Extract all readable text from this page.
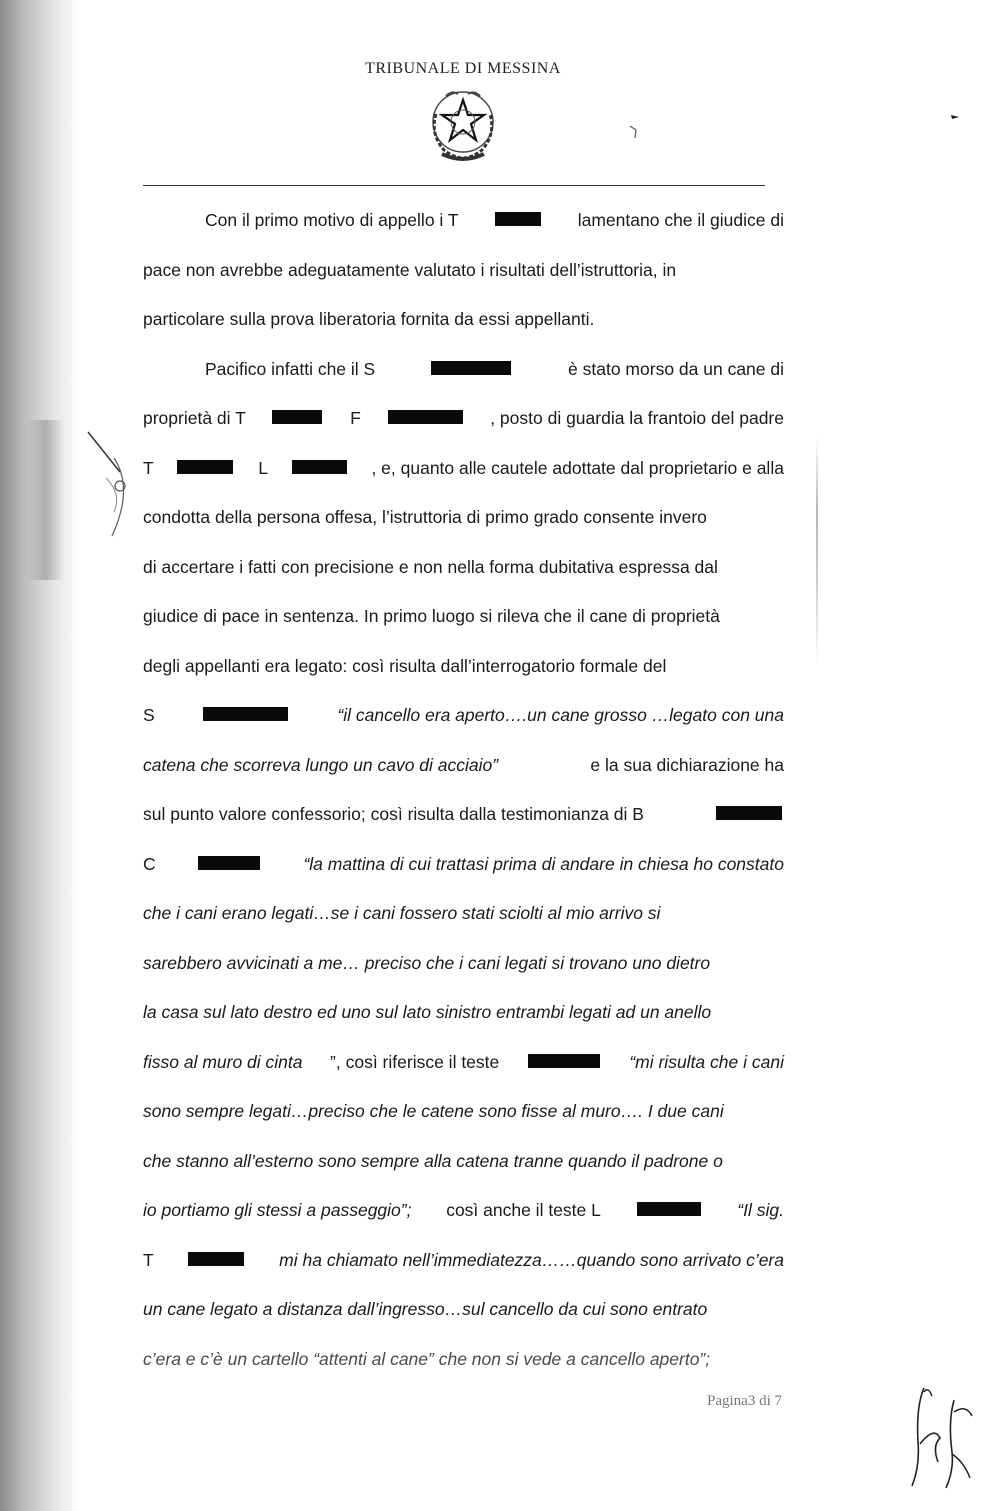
TRIBUNALE DI MESSINA
Con il primo motivo di appello i T	lamentano che il giudice di
pace non avrebbe adeguatamente valutato i risultati dell’istruttoria, in
particolare sulla prova liberatoria fornita da essi appellanti.
Pacifico infatti che il S	è stato morso da un cane di
proprietà di T	F	, posto di guardia la frantoio del padre
T	L	, e, quanto alle cautele adottate dal proprietario e alla
condotta della persona offesa, l’istruttoria di primo grado consente invero
di accertare i fatti con precisione e non nella forma dubitativa espressa dal
giudice di pace in sentenza. In primo luogo si rileva che il cane di proprietà
degli appellanti era legato: così risulta dall’interrogatorio formale del
S	“il cancello era aperto….un cane grosso …legato con una
catena che scorreva lungo un cavo di acciaio”	e la sua dichiarazione ha
sul punto valore confessorio; così risulta dalla testimonianza di B
C	“la mattina di cui trattasi prima di andare in chiesa ho constato
che i cani erano legati…se i cani fossero stati sciolti al mio arrivo si
sarebbero avvicinati a me… preciso che i cani legati si trovano uno dietro
la casa sul lato destro ed uno sul lato sinistro entrambi legati ad un anello
fisso al muro di cinta ”, così riferisce il teste	“mi risulta che i cani
sono sempre legati…preciso che le catene sono fisse al muro…. I due cani
che stanno all’esterno sono sempre alla catena tranne quando il padrone o
io portiamo gli stessi a passeggio”; così anche il teste L	“Il sig.
T	mi ha chiamato nell’immediatezza……quando sono arrivato c’era
un cane legato a distanza dall’ingresso…sul cancello da cui sono entrato
c’era e c’è un cartello “attenti al cane” che non si vede a cancello aperto”;
Pagina3 di 7
